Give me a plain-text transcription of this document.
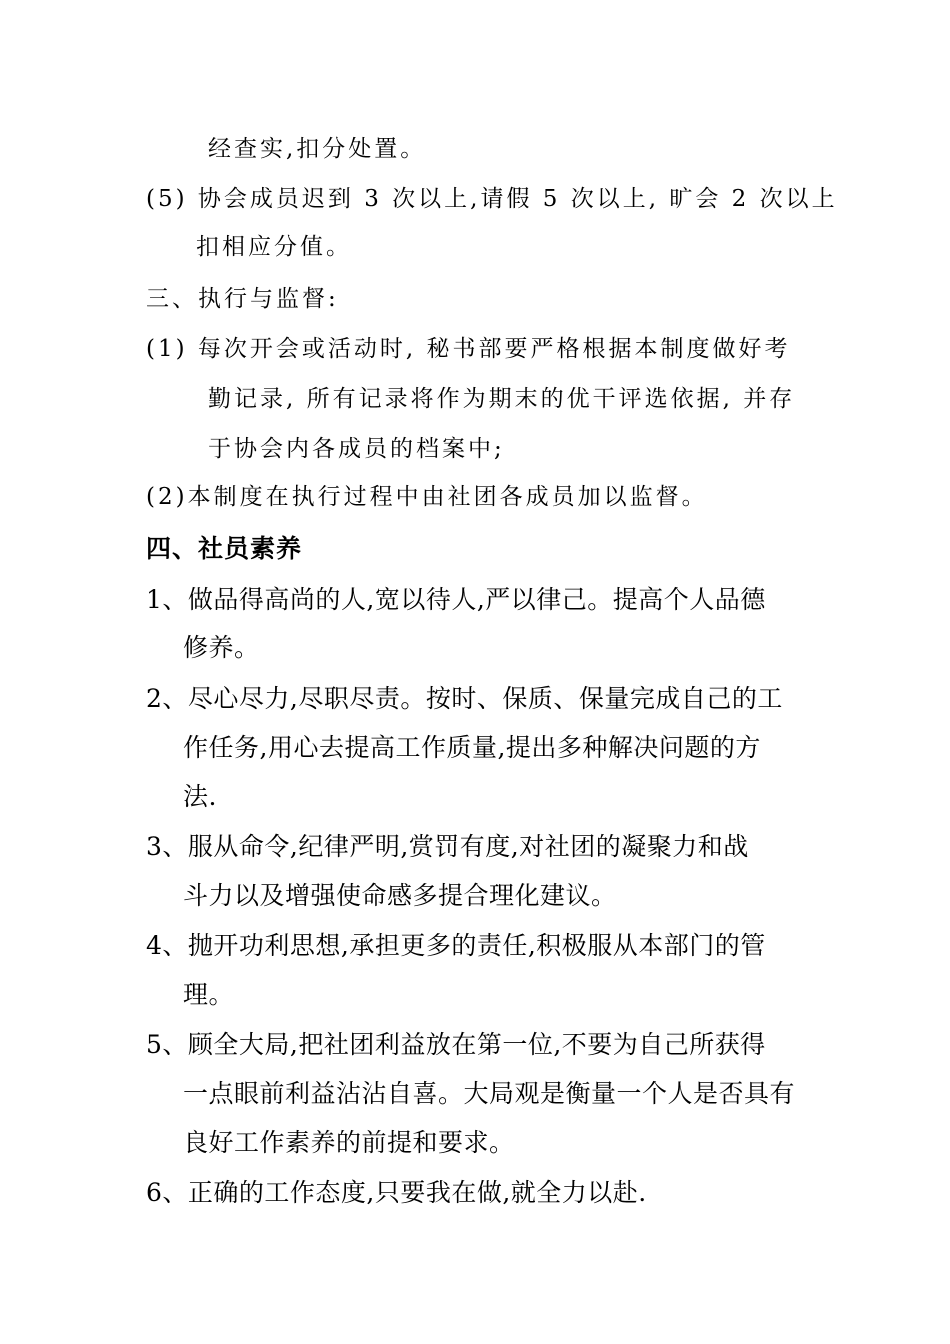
经查实,扣分处置。
(5) 协会成员迟到 3 次以上,请假 5 次以上, 旷会 2 次以上
扣相应分值。
三、执行与监督:
(1) 每次开会或活动时, 秘书部要严格根据本制度做好考
勤记录, 所有记录将作为期末的优干评选依据, 并存
于协会内各成员的档案中;
(2)本制度在执行过程中由社团各成员加以监督。
四、社员素养
1、做品得高尚的人,宽以待人,严以律己。提高个人品德
修养。
2、尽心尽力,尽职尽责。按时、保质、保量完成自己的工
作任务,用心去提高工作质量,提出多种解决问题的方
法.
3、服从命令,纪律严明,赏罚有度,对社团的凝聚力和战
斗力以及增强使命感多提合理化建议。
4、抛开功利思想,承担更多的责任,积极服从本部门的管
理。
5、顾全大局,把社团利益放在第一位,不要为自己所获得
一点眼前利益沾沾自喜。大局观是衡量一个人是否具有
良好工作素养的前提和要求。
6、正确的工作态度,只要我在做,就全力以赴.
